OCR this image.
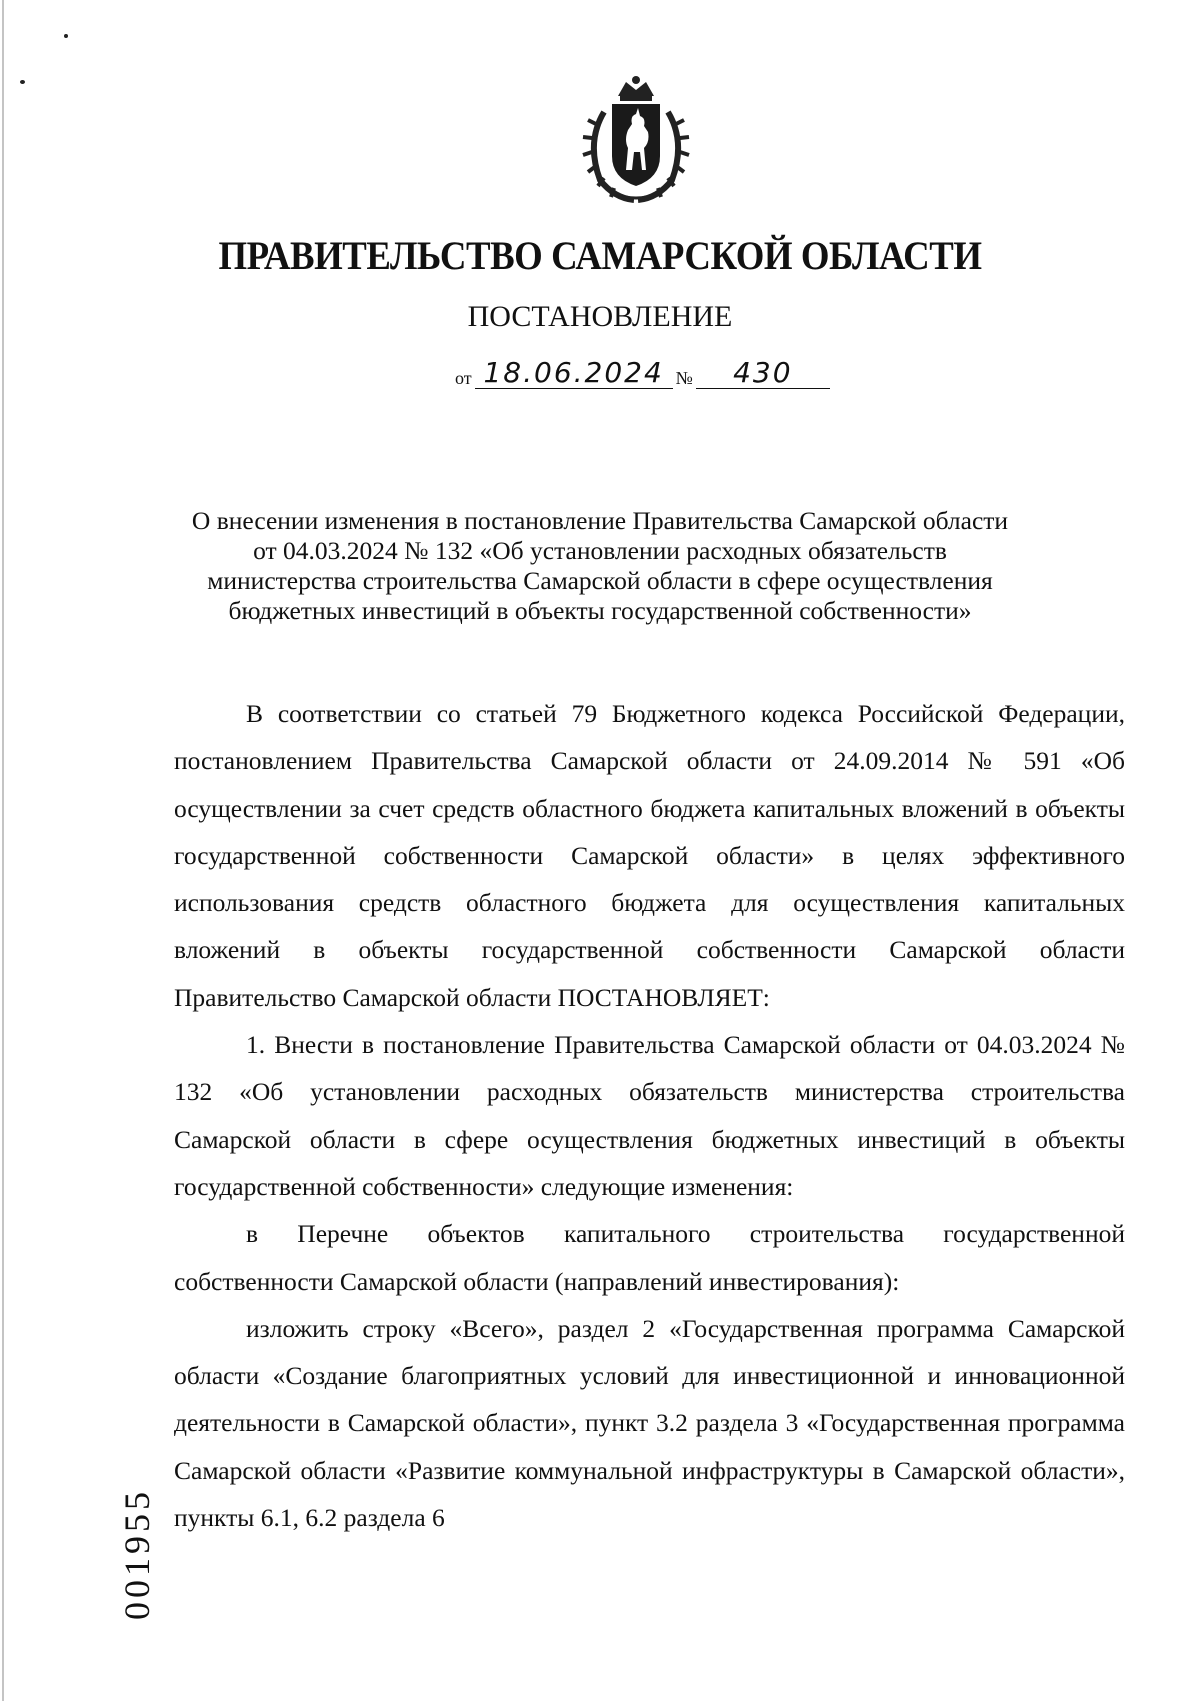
ПРАВИТЕЛЬСТВО САМАРСКОЙ ОБЛАСТИ
ПОСТАНОВЛЕНИЕ
от 18.06.2024 № 430
О внесении изменения в постановление Правительства Самарской области
от 04.03.2024 № 132 «Об установлении расходных обязательств
министерства строительства Самарской области в сфере осуществления
бюджетных инвестиций в объекты государственной собственности»

В соответствии со статьей 79 Бюджетного кодекса Российской Федерации, постановлением Правительства Самарской области от 24.09.2014 № 591 «Об осуществлении за счет средств областного бюджета капитальных вложений в объекты государственной собственности Самарской области» в целях эффективного использования средств областного бюджета для осуществления капитальных вложений в объекты государственной собственности Самарской области Правительство Самарской области ПОСТАНОВЛЯЕТ:

1. Внести в постановление Правительства Самарской области от 04.03.2024 № 132 «Об установлении расходных обязательств министерства строительства Самарской области в сфере осуществления бюджетных инвестиций в объекты государственной собственности» следующие изменения:

в Перечне объектов капитального строительства государственной собственности Самарской области (направлений инвестирования):

изложить строку «Всего», раздел 2 «Государственная программа Самарской области «Создание благоприятных условий для инвестиционной и инновационной деятельности в Самарской области», пункт 3.2 раздела 3 «Государственная программа Самарской области «Развитие коммунальной инфраструктуры в Самарской области», пункты 6.1, 6.2 раздела 6

001955
